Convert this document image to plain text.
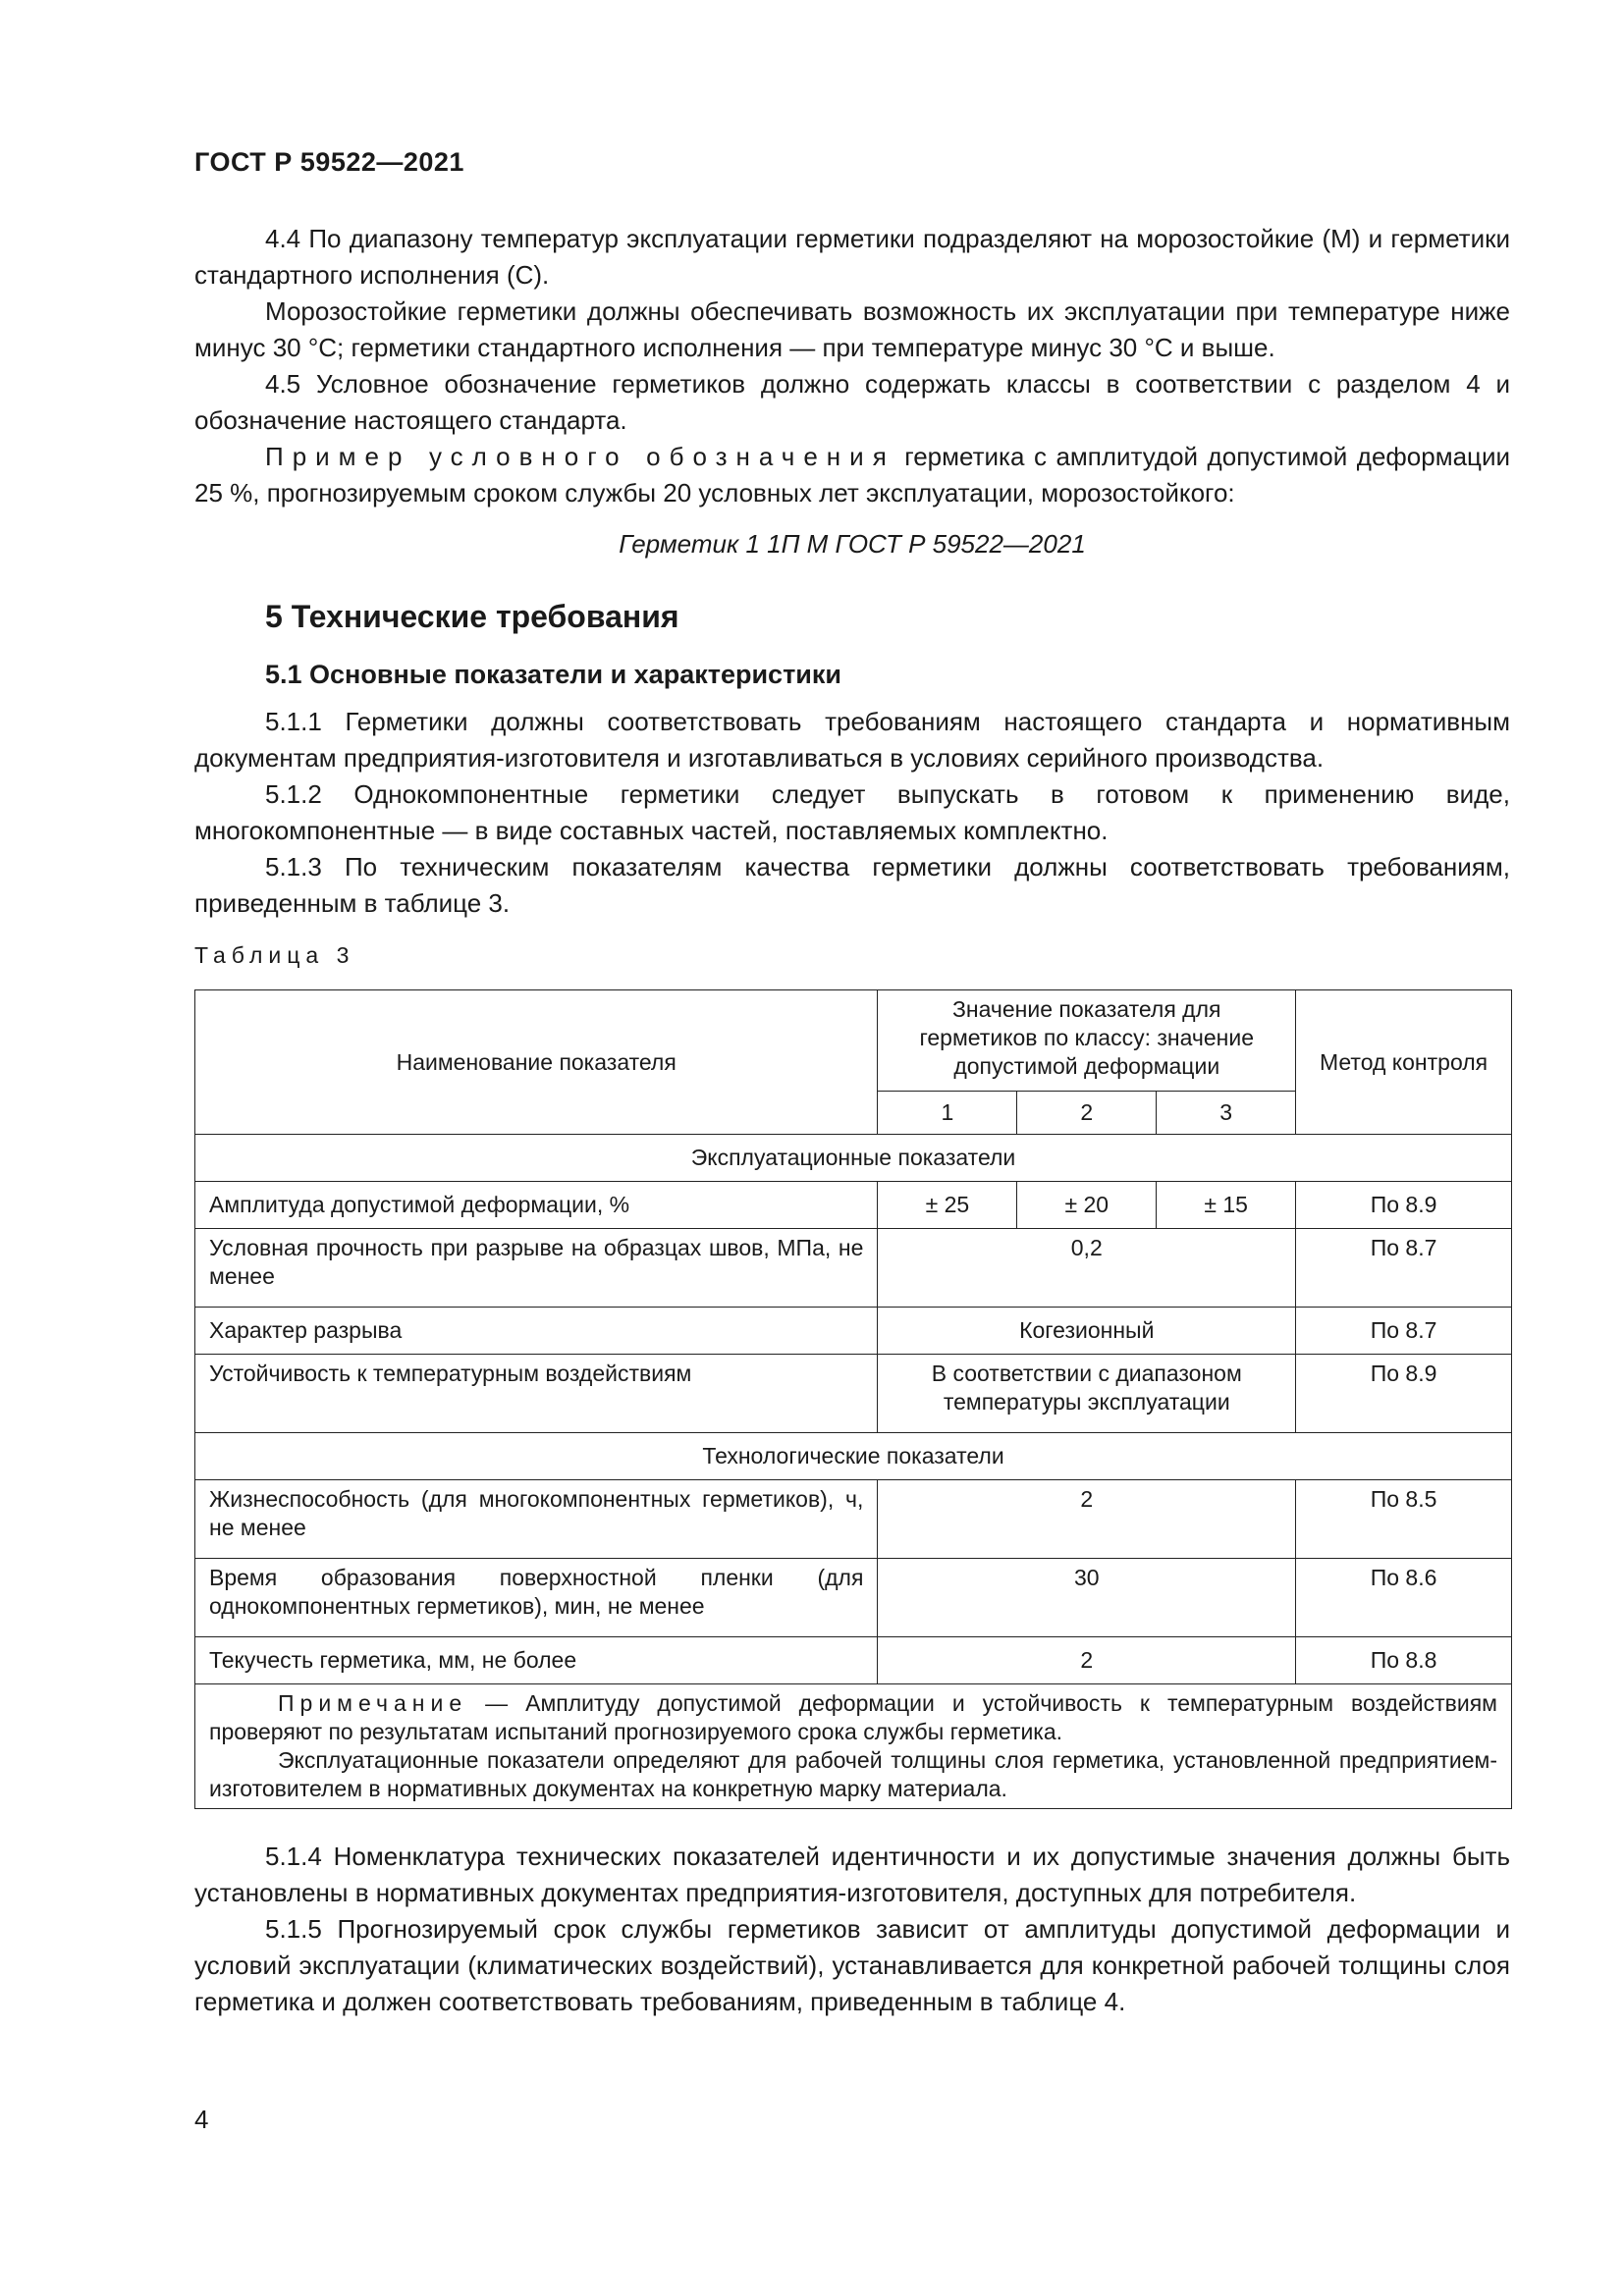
ГОСТ Р 59522—2021

4.4 По диапазону температур эксплуатации герметики подразделяют на морозостойкие (М) и герметики стандартного исполнения (С).

Морозостойкие герметики должны обеспечивать возможность их эксплуатации при температуре ниже минус 30 °С; герметики стандартного исполнения — при температуре минус 30 °С и выше.

4.5 Условное обозначение герметиков должно содержать классы в соответствии с разделом 4 и обозначение настоящего стандарта.

Пример условного обозначения герметика с амплитудой допустимой деформации 25 %, прогнозируемым сроком службы 20 условных лет эксплуатации, морозостойкого:

Герметик 1 1П М ГОСТ Р 59522—2021

5 Технические требования
5.1 Основные показатели и характеристики

5.1.1 Герметики должны соответствовать требованиям настоящего стандарта и нормативным документам предприятия-изготовителя и изготавливаться в условиях серийного производства.

5.1.2 Однокомпонентные герметики следует выпускать в готовом к применению виде, многокомпонентные — в виде составных частей, поставляемых комплектно.

5.1.3 По техническим показателям качества герметики должны соответствовать требованиям, приведенным в таблице 3.

Таблица 3
Наименование показателя	Значение показателя для герметиков по классу: значение допустимой деформации			Метод контроля
	1	2	3	
Эксплуатационные показатели				
Амплитуда допустимой деформации, %	± 25	± 20	± 15	По 8.9
Условная прочность при разрыве на образцах швов, МПа, не менее	0,2			По 8.7
Характер разрыва	Когезионный			По 8.7
Устойчивость к температурным воздействиям	В соответствии с диапазоном температуры эксплуатации			По 8.9
Технологические показатели				
Жизнеспособность (для многокомпонентных герметиков), ч, не менее	2			По 8.5
Время образования поверхностной пленки (для однокомпонентных герметиков), мин, не менее	30			По 8.6
Текучесть герметика, мм, не более	2			По 8.8

Примечание — Амплитуду допустимой деформации и устойчивость к температурным воздействиям проверяют по результатам испытаний прогнозируемого срока службы герметика.

Эксплуатационные показатели определяют для рабочей толщины слоя герметика, установленной предприятием-изготовителем в нормативных документах на конкретную марку материала.				

5.1.4 Номенклатура технических показателей идентичности и их допустимые значения должны быть установлены в нормативных документах предприятия-изготовителя, доступных для потребителя.

5.1.5 Прогнозируемый срок службы герметиков зависит от амплитуды допустимой деформации и условий эксплуатации (климатических воздействий), устанавливается для конкретной рабочей толщины слоя герметика и должен соответствовать требованиям, приведенным в таблице 4.

4
